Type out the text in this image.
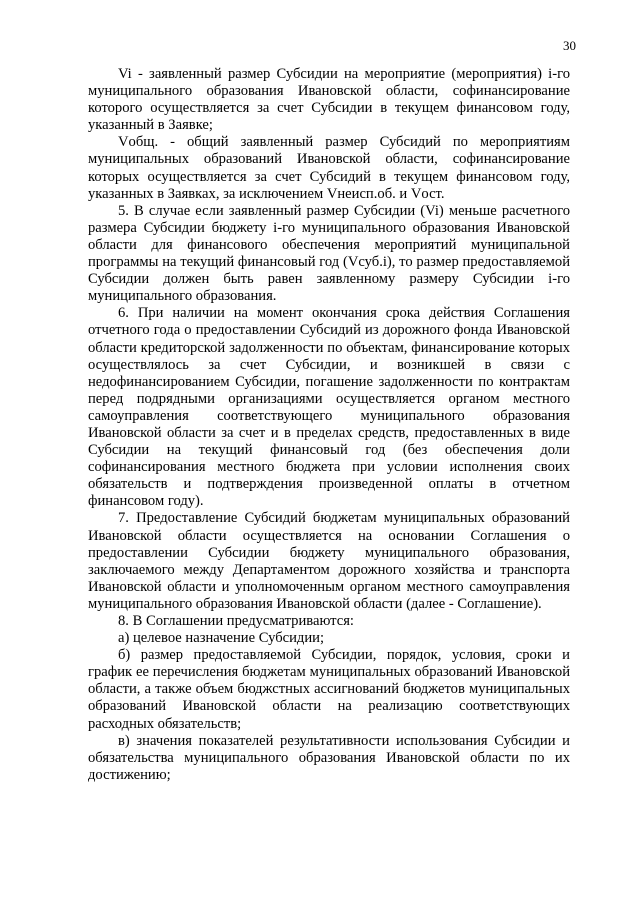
30

Vi - заявленный размер Субсидии на мероприятие (мероприятия) i-го муниципального образования Ивановской области, софинансирование которого осуществляется за счет Субсидии в текущем финансовом году, указанный в Заявке;

Vобщ. - общий заявленный размер Субсидий по мероприятиям муниципальных образований Ивановской области, софинансирование которых осуществляется за счет Субсидий в текущем финансовом году, указанных в Заявках, за исключением Vнеисп.об. и Vост.

5. В случае если заявленный размер Субсидии (Vi) меньше расчетного размера Субсидии бюджету i-го муниципального образования Ивановской области для финансового обеспечения мероприятий муниципальной программы на текущий финансовый год (Vсуб.i), то размер предоставляемой Субсидии должен быть равен заявленному размеру Субсидии i-го муниципального образования.

6. При наличии на момент окончания срока действия Соглашения отчетного года о предоставлении Субсидий из дорожного фонда Ивановской области кредиторской задолженности по объектам, финансирование которых осуществлялось за счет Субсидии, и возникшей в связи с недофинансированием Субсидии, погашение задолженности по контрактам перед подрядными организациями осуществляется органом местного самоуправления соответствующего муниципального образования Ивановской области за счет и в пределах средств, предоставленных в виде Субсидии на текущий финансовый год (без обеспечения доли софинансирования местного бюджета при условии исполнения своих обязательств и подтверждения произведенной оплаты в отчетном финансовом году).

7. Предоставление Субсидий бюджетам муниципальных образований Ивановской области осуществляется на основании Соглашения о предоставлении Субсидии бюджету муниципального образования, заключаемого между Департаментом дорожного хозяйства и транспорта Ивановской области и уполномоченным органом местного самоуправления муниципального образования Ивановской области (далее - Соглашение).

8. В Соглашении предусматриваются:

а) целевое назначение Субсидии;

б) размер предоставляемой Субсидии, порядок, условия, сроки и график ее перечисления бюджетам муниципальных образований Ивановской области, а также объем бюджстных ассигнований бюджетов муниципальных образований Ивановской области на реализацию соответствующих расходных обязательств;

в) значения показателей результативности использования Субсидии и обязательства муниципального образования Ивановской области по их достижению;
